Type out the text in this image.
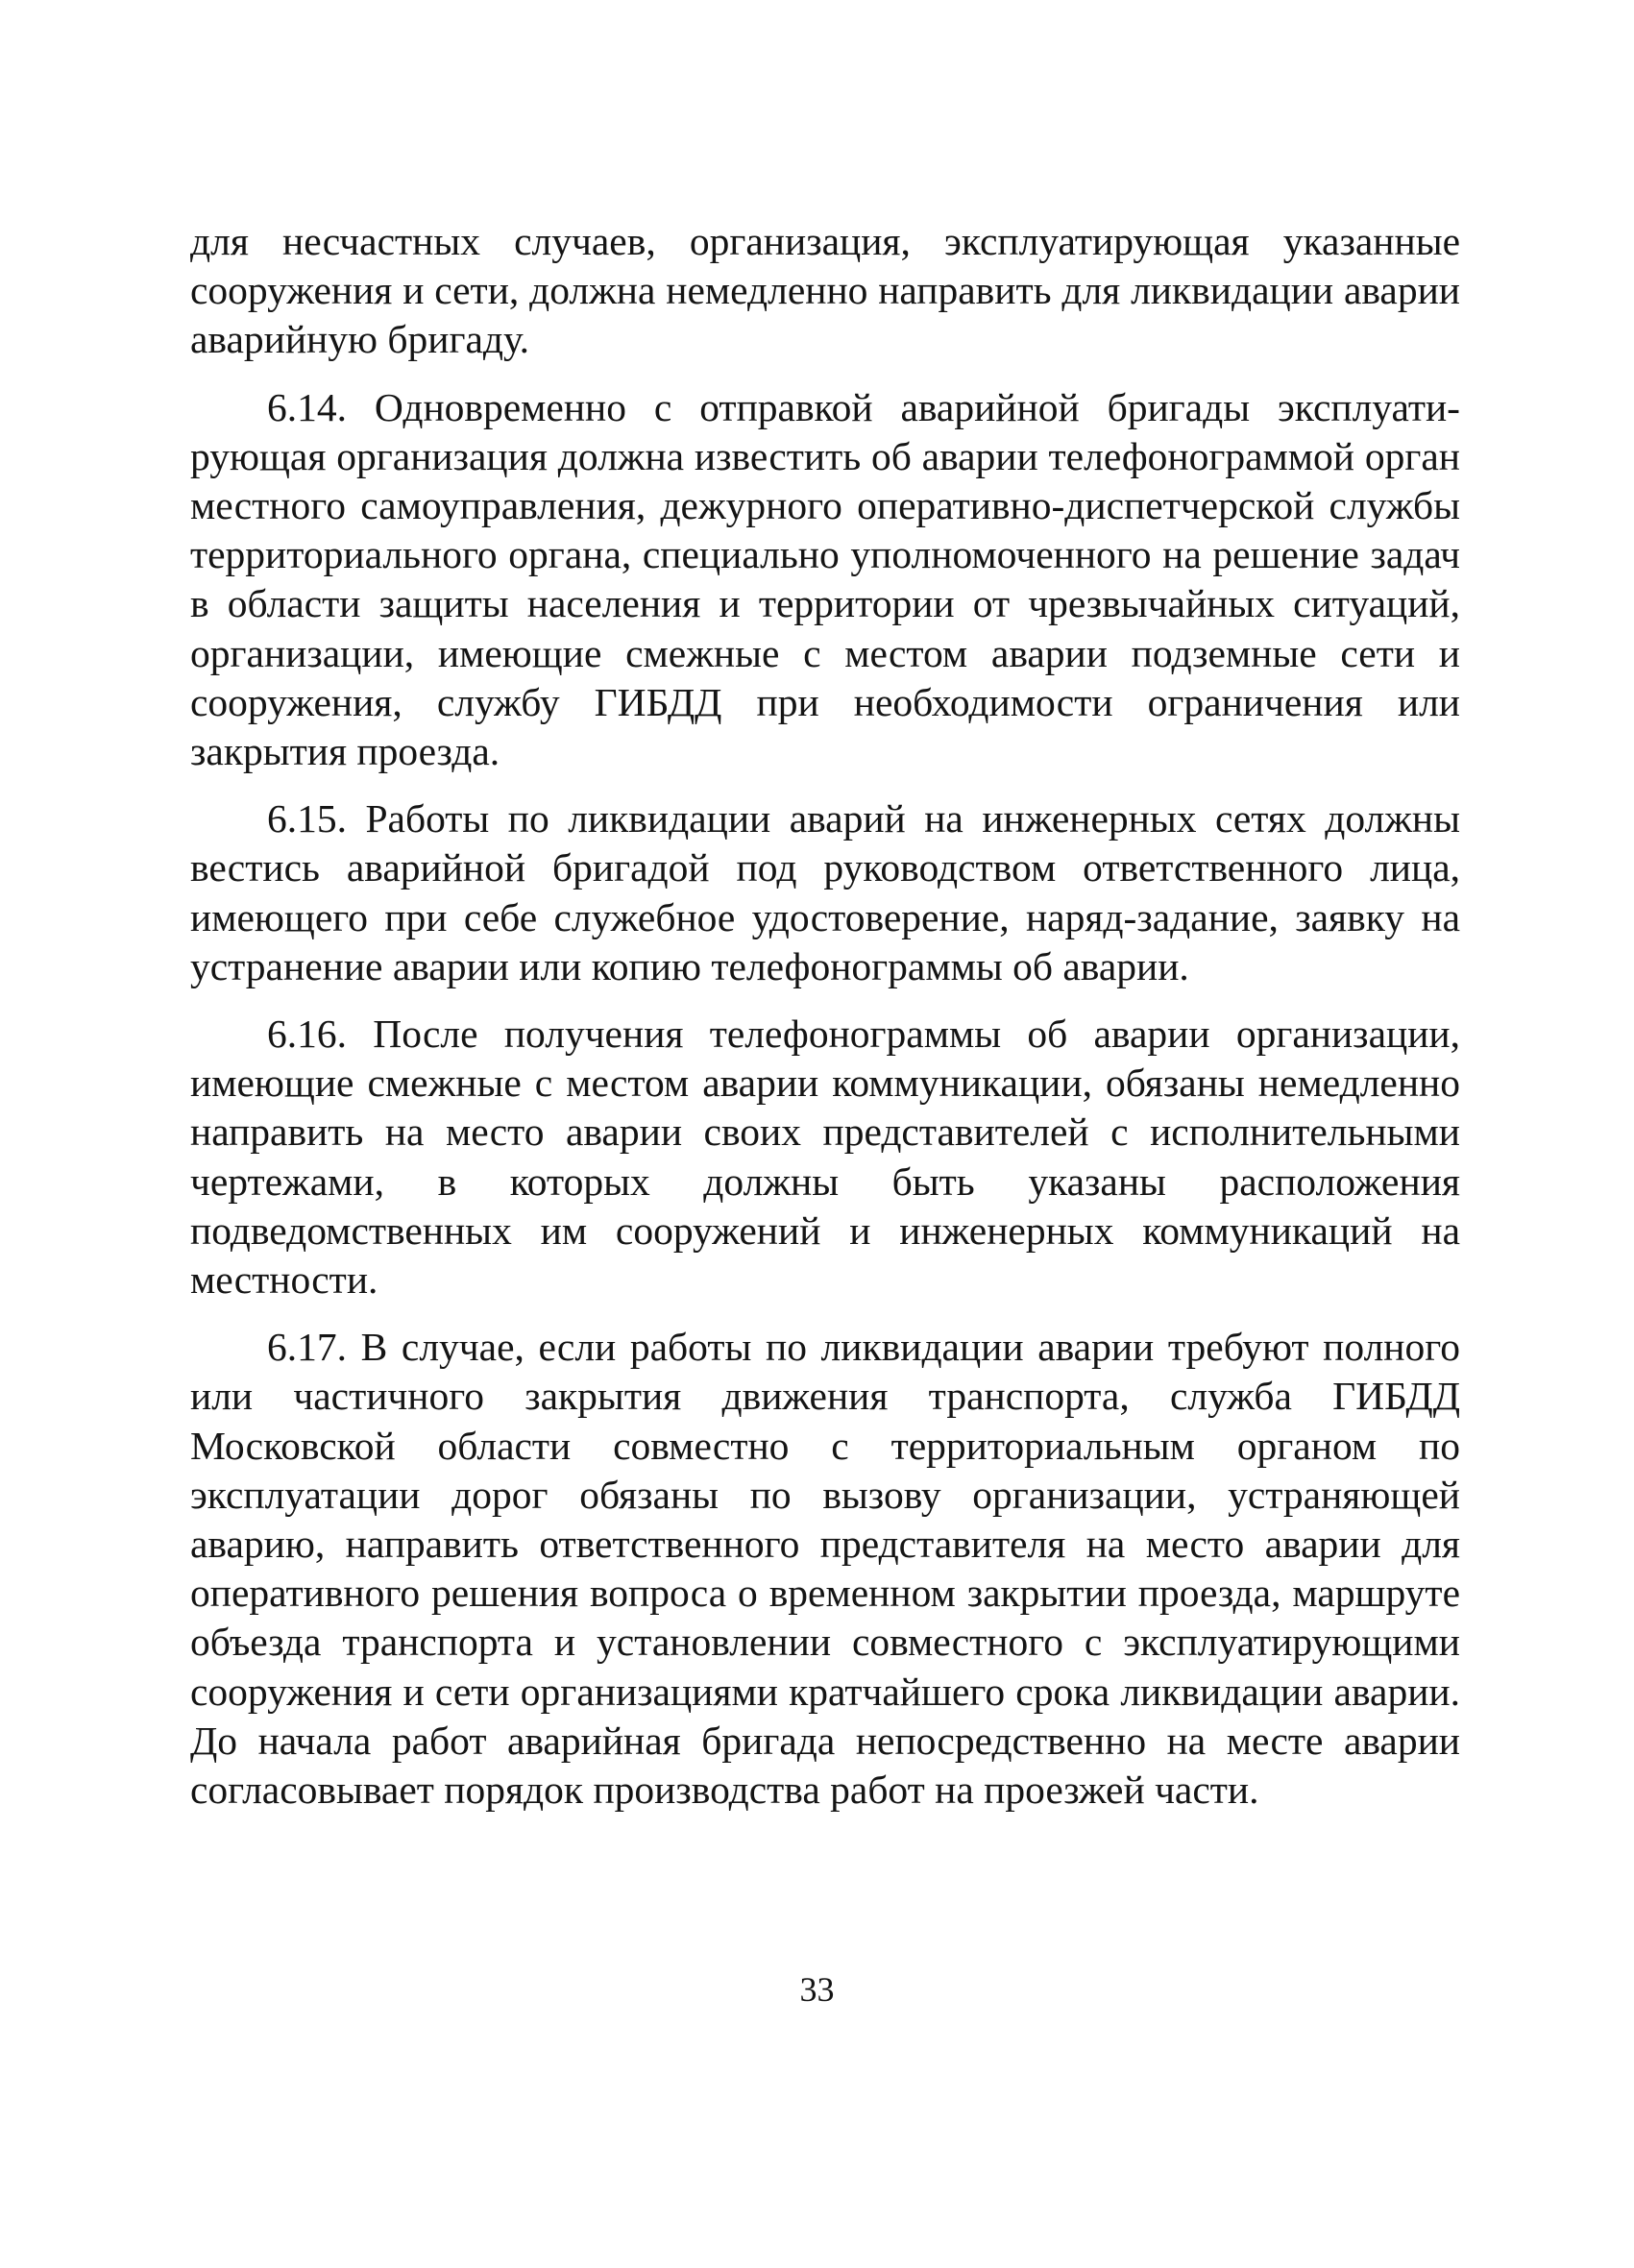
для несчастных случаев, организация, эксплуатирующая указанные сооружения и сети, должна немедленно направить для ликвидации аварии аварийную бригаду.

6.14. Одновременно с отправкой аварийной бригады эксплуатирующая организация должна известить об аварии телефонограммой орган местного самоуправления, дежурного оперативно-диспетчерской службы территориального органа, специально уполномоченного на решение задач в области защиты населения и территории от чрезвычайных ситуаций, организации, имеющие смежные с местом аварии подземные сети и сооружения, службу ГИБДД при необходимости ограничения или закрытия проезда.

6.15. Работы по ликвидации аварий на инженерных сетях должны вестись аварийной бригадой под руководством ответственного лица, имеющего при себе служебное удостоверение, наряд-задание, заявку на устранение аварии или копию телефонограммы об аварии.

6.16. После получения телефонограммы об аварии организации, имеющие смежные с местом аварии коммуникации, обязаны немедленно направить на место аварии своих представителей с исполнительными чертежами, в которых должны быть указаны расположения подведомственных им сооружений и инженерных коммуникаций на местности.

6.17. В случае, если работы по ликвидации аварии требуют полного или частичного закрытия движения транспорта, служба ГИБДД Московской области совместно с территориальным органом по эксплуатации дорог обязаны по вызову организации, устраняющей аварию, направить ответственного представителя на место аварии для оперативного решения вопроса о временном закрытии проезда, маршруте объезда транспорта и установлении совместного с эксплуатирующими сооружения и сети организациями кратчайшего срока ликвидации аварии. До начала работ аварийная бригада непосредственно на месте аварии согласовывает порядок производства работ на проезжей части.

33
